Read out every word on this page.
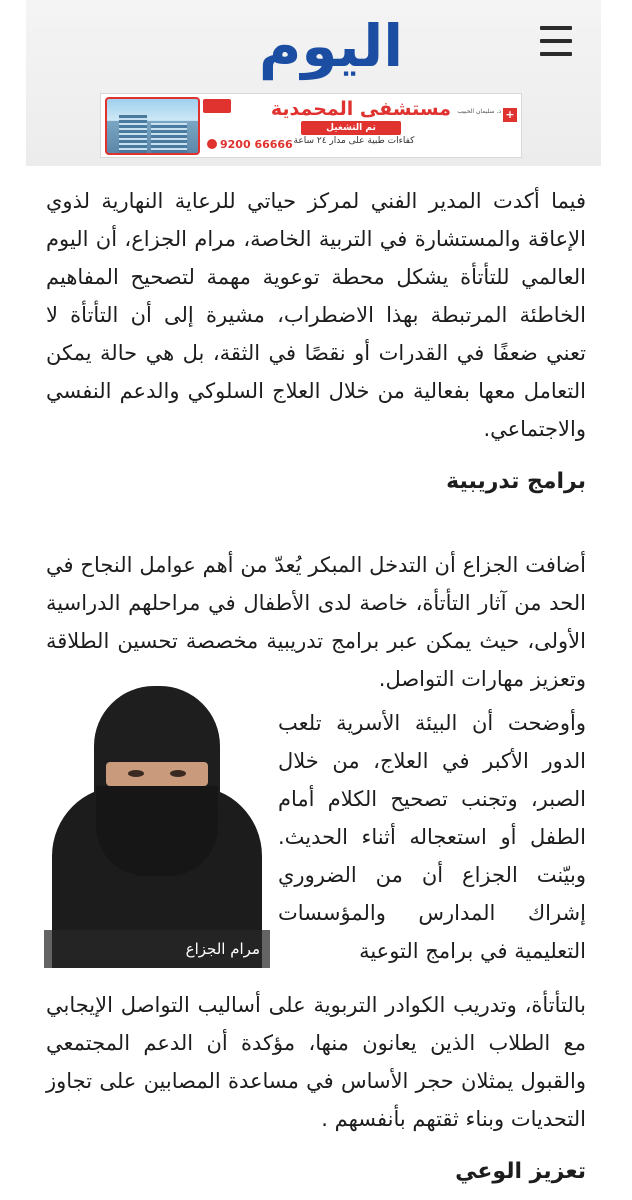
اليوم
مستشفى المحمدية
تم التشغيل
كفاءات طبية على مدار ٢٤ ساعة
9200 66666
د. سليمان الحبيب +

فيما أكدت المدير الفني لمركز حياتي للرعاية النهارية لذوي الإعاقة والمستشارة في التربية الخاصة، مرام الجزاع، أن اليوم العالمي للتأتأة يشكل محطة توعوية مهمة لتصحيح المفاهيم الخاطئة المرتبطة بهذا الاضطراب، مشيرة إلى أن التأتأة لا تعني ضعفًا في القدرات أو نقصًا في الثقة، بل هي حالة يمكن التعامل معها بفعالية من خلال العلاج السلوكي والدعم النفسي والاجتماعي.

برامج تدريبية

أضافت الجزاع أن التدخل المبكر يُعدّ من أهم عوامل النجاح في الحد من آثار التأتأة، خاصة لدى الأطفال في مراحلهم الدراسية الأولى، حيث يمكن عبر برامج تدريبية مخصصة تحسين الطلاقة وتعزيز مهارات التواصل.

مرام الجزاع

وأوضحت أن البيئة الأسرية تلعب الدور الأكبر في العلاج، من خلال الصبر، وتجنب تصحيح الكلام أمام الطفل أو استعجاله أثناء الحديث. وبيّنت الجزاع أن من الضروري إشراك المدارس والمؤسسات التعليمية في برامج التوعية

بالتأتأة، وتدريب الكوادر التربوية على أساليب التواصل الإيجابي مع الطلاب الذين يعانون منها، مؤكدة أن الدعم المجتمعي والقبول يمثلان حجر الأساس في مساعدة المصابين على تجاوز التحديات وبناء ثقتهم بأنفسهم .

تعزيز الوعي
